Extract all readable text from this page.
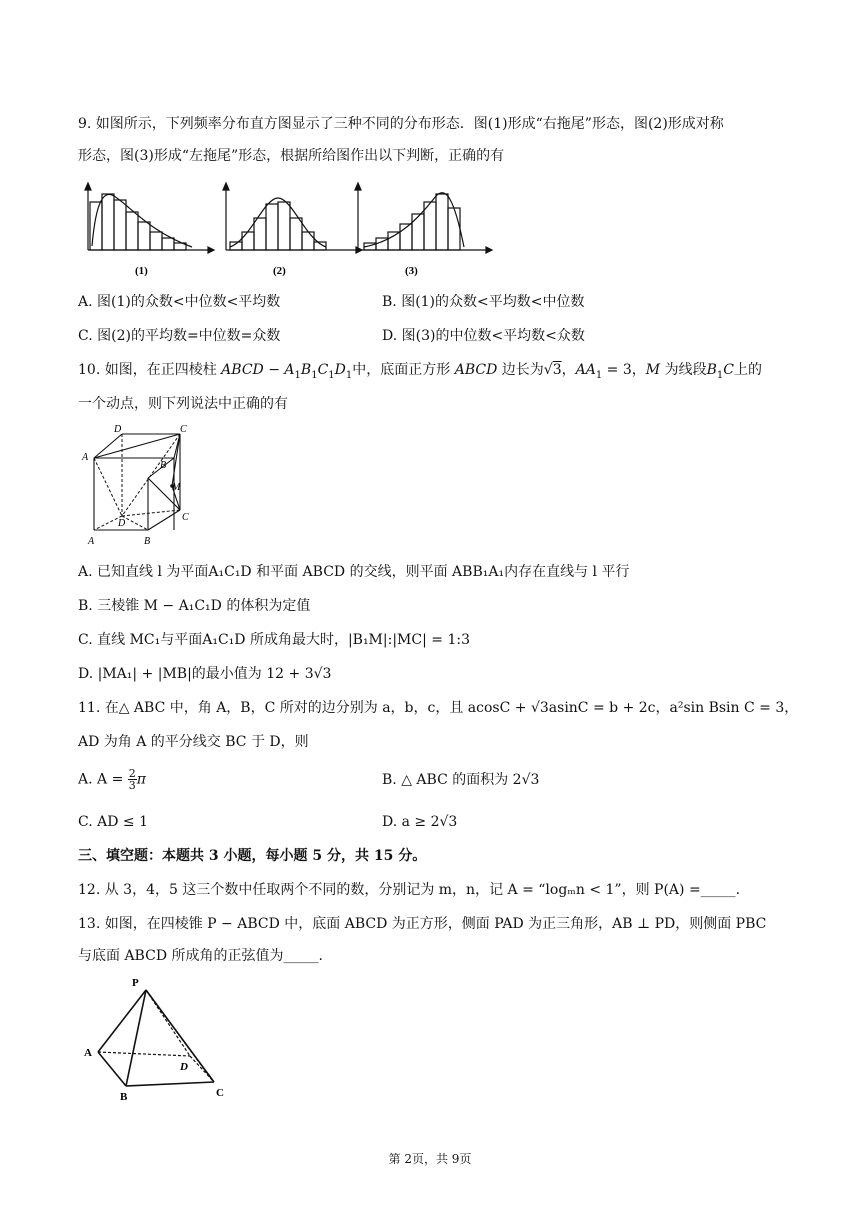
9. 如图所示，下列频率分布直方图显示了三种不同的分布形态．图(1)形成“右拖尾”形态，图(2)形成对称
形态，图(3)形成“左拖尾”形态，根据所给图作出以下判断，正确的有
(1)	(2)	(3)
A. 图(1)的众数<中位数<平均数	B. 图(1)的众数<平均数<中位数
C. 图(2)的平均数=中位数=众数	D. 图(3)的中位数<平均数<众数
10. 如图，在正四棱柱 ABCD − $A_1B_1C_1D_1$中，底面正方形 ABCD 边长为√3，$AA_1 = 3$，M 为线段$B_1C$上的
一个动点，则下列说法中正确的有
D	C
A
B
M
D
C
A	B
A. 已知直线 l 为平面A₁C₁D 和平面 ABCD 的交线，则平面 ABB₁A₁内存在直线与 l 平行
B. 三棱锥 M − A₁C₁D 的体积为定值
C. 直线 MC₁与平面A₁C₁D 所成角最大时，|B₁M|:|MC| = 1:3
D. |MA₁| + |MB|的最小值为 12 + 3√3
11. 在△ ABC 中，角 A，B，C 所对的边分别为 a，b，c，且 acosC + √3asinC = b + 2c，a²sin Bsin C = 3，
AD 为角 A 的平分线交 BC 于 D，则
A. $A = \frac{2}{3}$ π	B. △ ABC 的面积为 2√3
C. AD ≤ 1	D. a ≥ 2√3
三、填空题：本题共 3 小题，每小题 5 分，共 15 分。
12. 从 3，4，5 这三个数中任取两个不同的数，分别记为 m，n，记 A = “logₘn < 1”，则 P(A) =_____.
13. 如图，在四棱锥 P − ABCD 中，底面 ABCD 为正方形，侧面 PAD 为正三角形，AB ⊥ PD，则侧面 PBC
与底面 ABCD 所成角的正弦值为_____.
P
A
D
B	C
第 2页，共 9页
